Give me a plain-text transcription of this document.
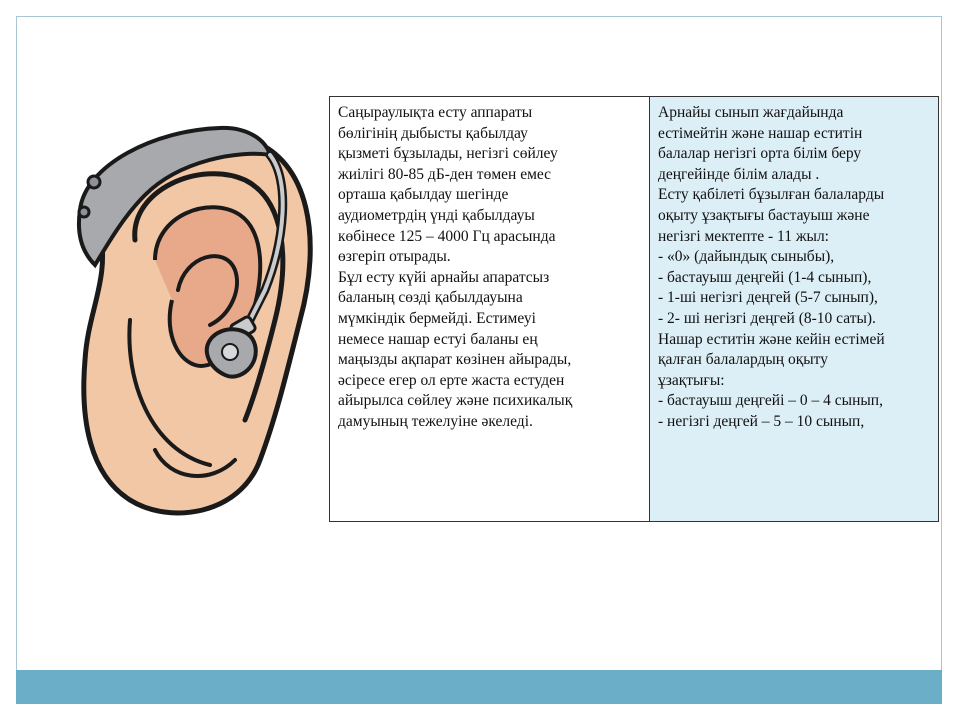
Саңыраулықта есту аппараты
бөлігінің дыбысты қабылдау
қызметі бұзылады, негізгі сөйлеу
жиілігі 80-85 дБ-ден төмен емес
орташа қабылдау шегінде
аудиометрдің үнді қабылдауы
көбінесе 125 – 4000 Гц арасында
өзгеріп отырады.
Бұл есту күйі арнайы апаратсыз
баланың сөзді қабылдауына
мүмкіндік бермейді. Естимеуі
немесе нашар естуі баланы ең
маңызды ақпарат көзінен айырады,
әсіресе егер ол ерте жаста естуден
айырылса сөйлеу және психикалық
дамуының тежелуіне әкеледі.

Арнайы сынып жағдайында
естімейтін және нашар еститін
балалар негізгі орта білім беру
деңгейінде білім алады .
Есту қабілеті бұзылған балаларды
оқыту ұзақтығы бастауыш және
негізгі мектепте - 11 жыл:
- «0» (дайындық сыныбы),
- бастауыш деңгейі (1-4 сынып),
- 1-ші негізгі деңгей (5-7 сынып),
- 2- ші негізгі деңгей (8-10 саты).
Нашар еститін және кейін естімей
қалған балалардың оқыту
ұзақтығы:
- бастауыш деңгейі – 0 – 4 сынып,
- негізгі деңгей – 5 – 10 сынып,
